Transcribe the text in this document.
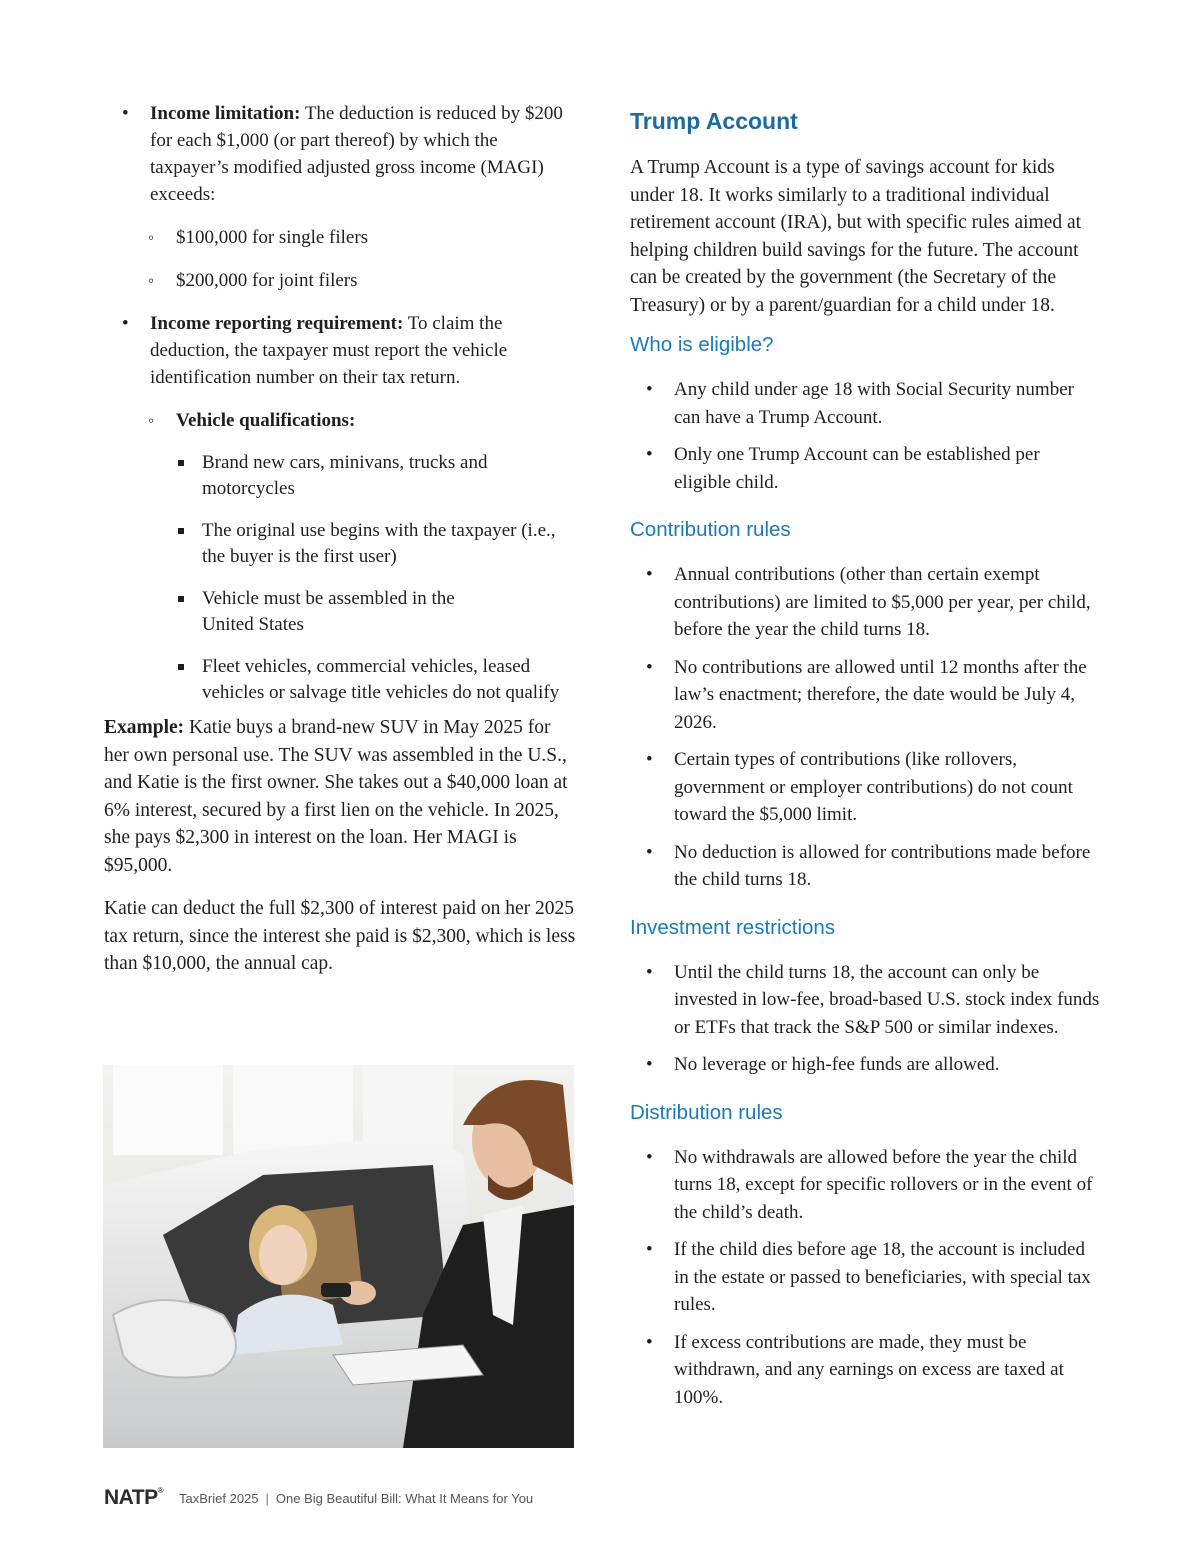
• Income limitation: The deduction is reduced by $200 for each $1,000 (or part thereof) by which the taxpayer’s modified adjusted gross income (MAGI) exceeds:
◦ $100,000 for single filers
◦ $200,000 for joint filers
• Income reporting requirement: To claim the deduction, the taxpayer must report the vehicle identification number on their tax return.
◦ Vehicle qualifications:
Brand new cars, minivans, trucks and motorcycles
The original use begins with the taxpayer (i.e., the buyer is the first user)
Vehicle must be assembled in the United States
Fleet vehicles, commercial vehicles, leased vehicles or salvage title vehicles do not qualify

Example: Katie buys a brand-new SUV in May 2025 for her own personal use. The SUV was assembled in the U.S., and Katie is the first owner. She takes out a $40,000 loan at 6% interest, secured by a first lien on the vehicle. In 2025, she pays $2,300 in interest on the loan. Her MAGI is $95,000.

Katie can deduct the full $2,300 of interest paid on her 2025 tax return, since the interest she paid is $2,300, which is less than $10,000, the annual cap.

Trump Account

A Trump Account is a type of savings account for kids under 18. It works similarly to a traditional individual retirement account (IRA), but with specific rules aimed at helping children build savings for the future. The account can be created by the government (the Secretary of the Treasury) or by a parent/guardian for a child under 18.

Who is eligible?
• Any child under age 18 with Social Security number can have a Trump Account.
• Only one Trump Account can be established per eligible child.
Contribution rules
• Annual contributions (other than certain exempt contributions) are limited to $5,000 per year, per child, before the year the child turns 18.
• No contributions are allowed until 12 months after the law’s enactment; therefore, the date would be July 4, 2026.
• Certain types of contributions (like rollovers, government or employer contributions) do not count toward the $5,000 limit.
• No deduction is allowed for contributions made before the child turns 18.
Investment restrictions
• Until the child turns 18, the account can only be invested in low-fee, broad-based U.S. stock index funds or ETFs that track the S&P 500 or similar indexes.
• No leverage or high-fee funds are allowed.
Distribution rules
• No withdrawals are allowed before the year the child turns 18, except for specific rollovers or in the event of the child’s death.
• If the child dies before age 18, the account is included in the estate or passed to beneficiaries, with special tax rules.
• If excess contributions are made, they must be withdrawn, and any earnings on excess are taxed at 100%.
NATP® TaxBrief 2025 | One Big Beautiful Bill: What It Means for You
